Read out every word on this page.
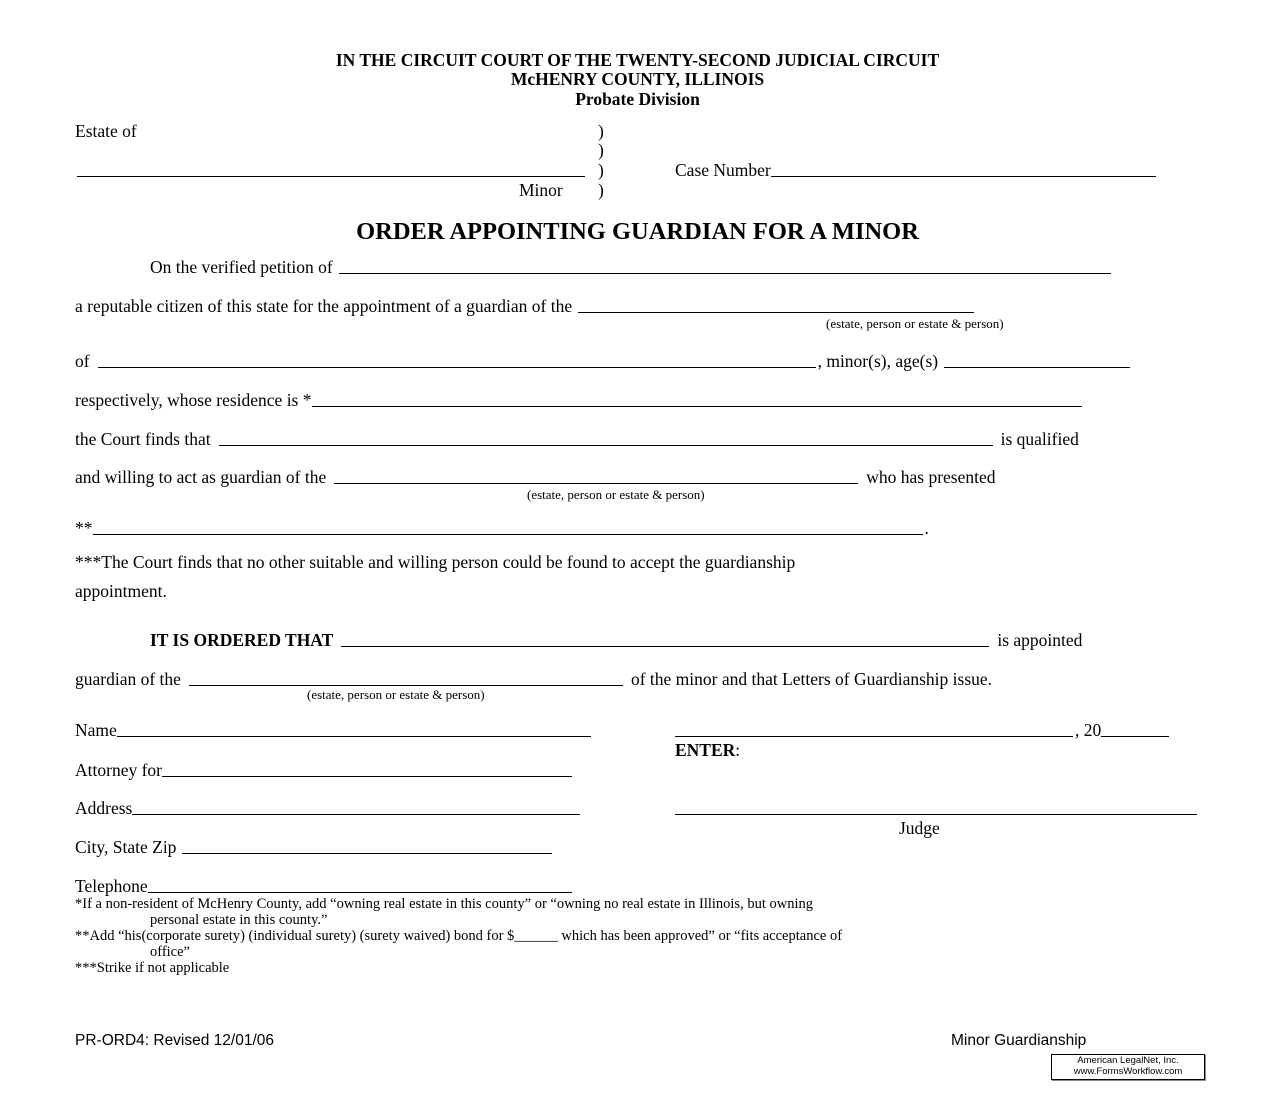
IN THE CIRCUIT COURT OF THE TWENTY-SECOND JUDICIAL CIRCUIT
McHENRY COUNTY, ILLINOIS
Probate Division
Estate of	)
)
)
)
Minor
Case Number
ORDER APPOINTING GUARDIAN FOR A MINOR
On the verified petition of
a reputable citizen of this state for the appointment of a guardian of the
(estate, person or estate & person)
of	, minor(s), age(s)
respectively, whose residence is *
the Court finds that	is qualified
and willing to act as guardian of the	who has presented
(estate, person or estate & person)
**	.
***The Court finds that no other suitable and willing person could be found to accept the guardianship
appointment.
IT IS ORDERED THAT	is appointed
guardian of the	of the minor and that Letters of Guardianship issue.
(estate, person or estate & person)
Name
Attorney for
Address
City, State Zip
Telephone
, 20
ENTER :
Judge
*If a non-resident of McHenry County, add “owning real estate in this county” or “owning no real estate in Illinois, but owning
personal estate in this county.”
**Add “his(corporate surety) (individual surety) (surety waived) bond for $______ which has been approved” or “fits acceptance of
office”
***Strike if not applicable
PR-ORD4: Revised 12/01/06	Minor Guardianship
American LegalNet, Inc.
www.FormsWorkflow.com
